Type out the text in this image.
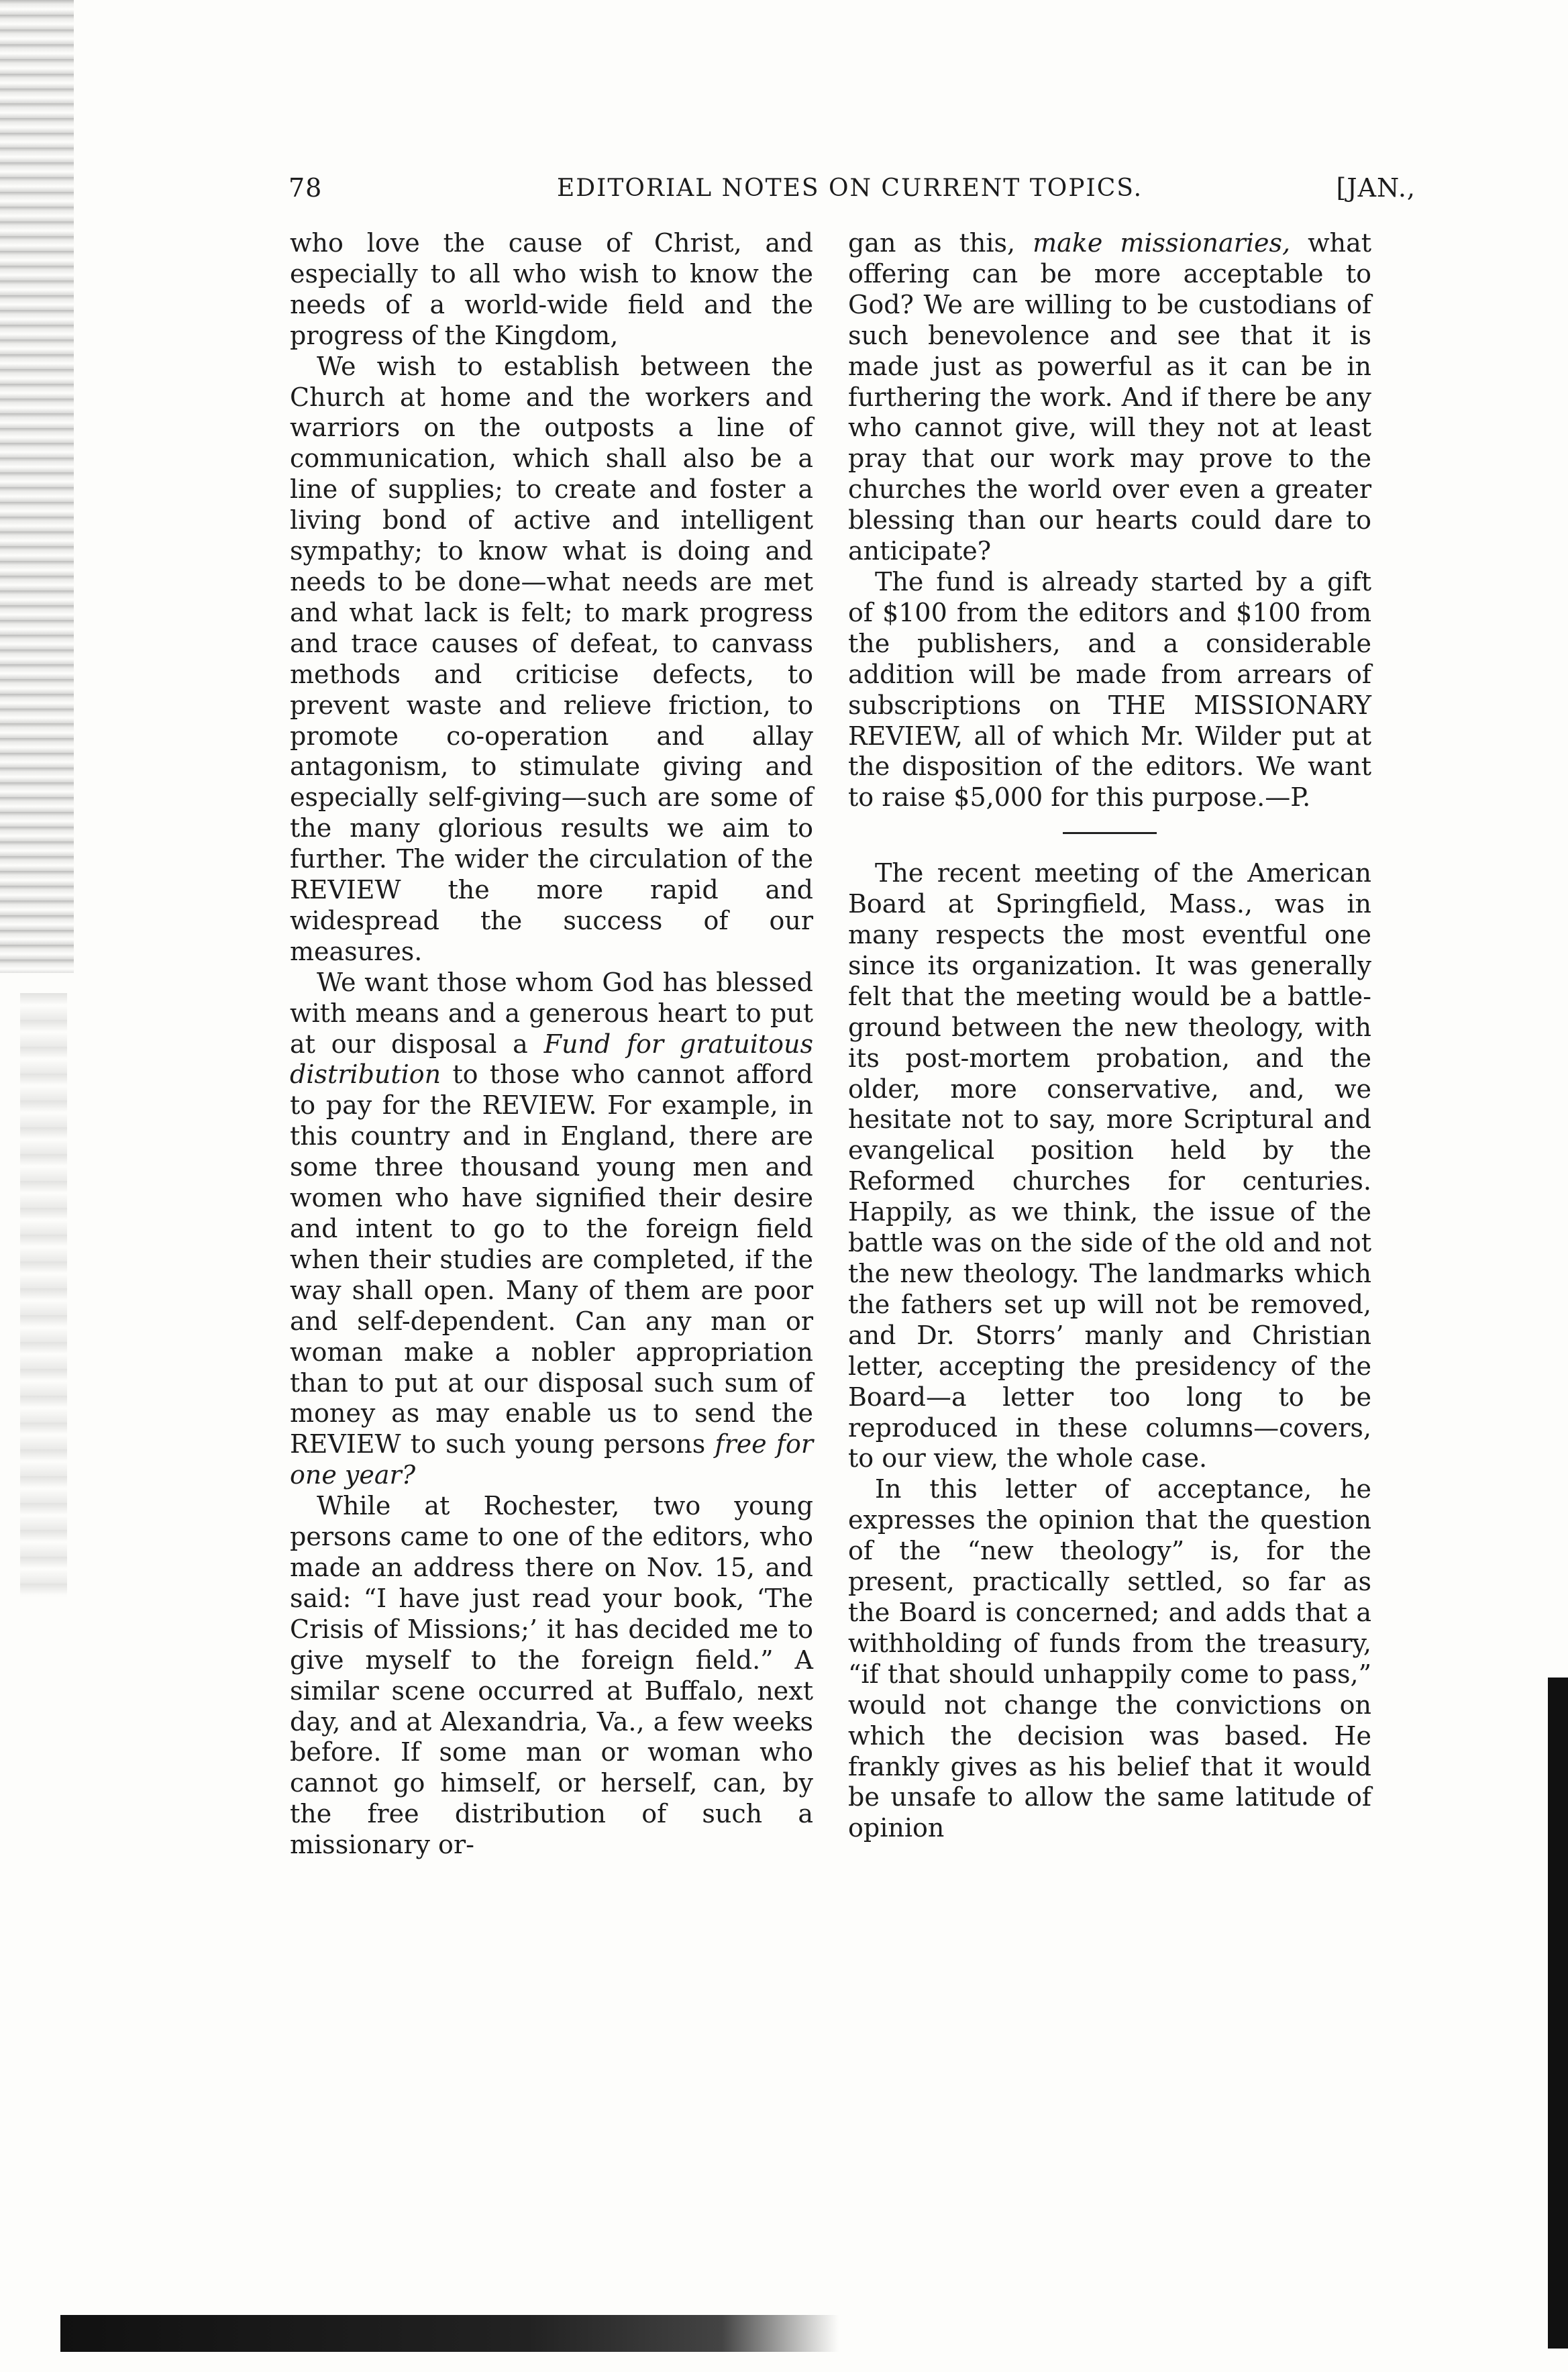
78	EDITORIAL NOTES ON CURRENT TOPICS.	[JAN.,

who love the cause of Christ, and especially to all who wish to know the needs of a world-wide field and the progress of the Kingdom,

We wish to establish between the Church at home and the workers and warriors on the outposts a line of communication, which shall also be a line of supplies; to create and foster a living bond of active and intelligent sympathy; to know what is doing and needs to be done—what needs are met and what lack is felt; to mark progress and trace causes of defeat, to canvass methods and criticise defects, to prevent waste and relieve friction, to promote co-operation and allay antagonism, to stimulate giving and especially self-giving—such are some of the many glorious results we aim to further. The wider the circulation of the REVIEW the more rapid and widespread the success of our measures.

We want those whom God has blessed with means and a generous heart to put at our disposal a Fund for gratuitous distribution to those who cannot afford to pay for the REVIEW. For example, in this country and in England, there are some three thousand young men and women who have signified their desire and intent to go to the foreign field when their studies are completed, if the way shall open. Many of them are poor and self-dependent. Can any man or woman make a nobler appropriation than to put at our disposal such sum of money as may enable us to send the REVIEW to such young persons free for one year?

While at Rochester, two young persons came to one of the editors, who made an address there on Nov. 15, and said: “I have just read your book, ‘The Crisis of Missions;’ it has decided me to give myself to the foreign field.” A similar scene occurred at Buffalo, next day, and at Alexandria, Va., a few weeks before. If some man or woman who cannot go himself, or herself, can, by the free distribution of such a missionary or-

gan as this, make missionaries, what offering can be more acceptable to God? We are willing to be custodians of such benevolence and see that it is made just as powerful as it can be in furthering the work. And if there be any who cannot give, will they not at least pray that our work may prove to the churches the world over even a greater blessing than our hearts could dare to anticipate?

The fund is already started by a gift of $100 from the editors and $100 from the publishers, and a considerable addition will be made from arrears of subscriptions on THE MISSIONARY REVIEW, all of which Mr. Wilder put at the disposition of the editors. We want to raise $5,000 for this purpose.—P.

The recent meeting of the American Board at Springfield, Mass., was in many respects the most eventful one since its organization. It was generally felt that the meeting would be a battle-ground between the new theology, with its post-mortem probation, and the older, more conservative, and, we hesitate not to say, more Scriptural and evangelical position held by the Reformed churches for centuries. Happily, as we think, the issue of the battle was on the side of the old and not the new theology. The landmarks which the fathers set up will not be removed, and Dr. Storrs’ manly and Christian letter, accepting the presidency of the Board—a letter too long to be reproduced in these columns—covers, to our view, the whole case.

In this letter of acceptance, he expresses the opinion that the question of the “new theology” is, for the present, practically settled, so far as the Board is concerned; and adds that a withholding of funds from the treasury, “if that should unhappily come to pass,” would not change the convictions on which the decision was based. He frankly gives as his belief that it would be unsafe to allow the same latitude of opinion
